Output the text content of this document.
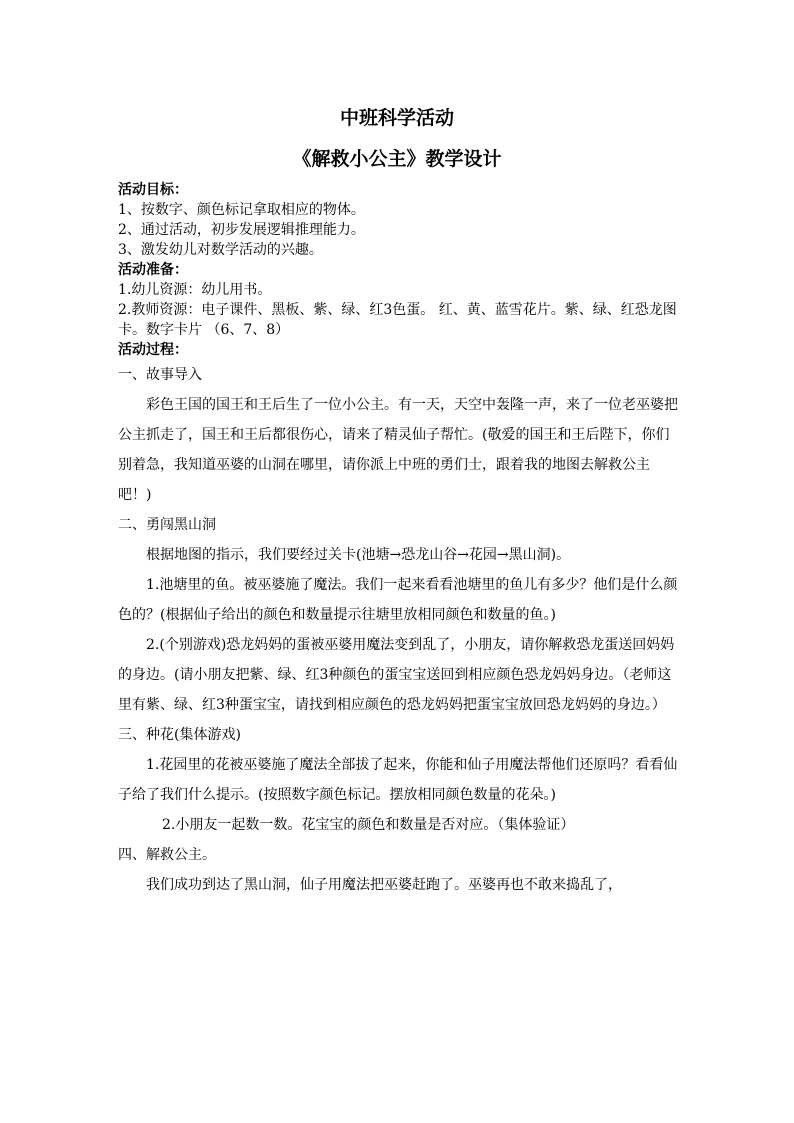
中班科学活动
《解救小公主》教学设计

活动目标：

1、按数字、颜色标记拿取相应的物体。

2、通过活动，初步发展逻辑推理能力。

3、激发幼儿对数学活动的兴趣。

活动准备：

1.幼儿资源：幼儿用书。

2.教师资源：电子课件、黑板、紫、绿、红3色蛋。 红、黄、蓝雪花片。紫、绿、红恐龙图卡。数字卡片 （6、7、8）

活动过程：

一、故事导入

彩色王国的国王和王后生了一位小公主。有一天，天空中轰隆一声，来了一位老巫婆把公主抓走了，国王和王后都很伤心，请来了精灵仙子帮忙。(敬爱的国王和王后陛下，你们别着急，我知道巫婆的山洞在哪里，请你派上中班的勇们士，跟着我的地图去解救公主吧！)

二、勇闯黑山洞

根据地图的指示，我们要经过关卡(池塘→恐龙山谷→花园→黑山洞)。

1.池塘里的鱼。被巫婆施了魔法。我们一起来看看池塘里的鱼儿有多少？他们是什么颜色的？(根据仙子给出的颜色和数量提示往塘里放相同颜色和数量的鱼。)

2.(个别游戏)恐龙妈妈的蛋被巫婆用魔法变到乱了，小朋友，请你解救恐龙蛋送回妈妈的身边。(请小朋友把紫、绿、红3种颜色的蛋宝宝送回到相应颜色恐龙妈妈身边。（老师这里有紫、绿、红3种蛋宝宝，请找到相应颜色的恐龙妈妈把蛋宝宝放回恐龙妈妈的身边。）

三、种花(集体游戏)

1.花园里的花被巫婆施了魔法全部拔了起来，你能和仙子用魔法帮他们还原吗？看看仙子给了我们什么提示。(按照数字颜色标记。摆放相同颜色数量的花朵。)

2.小朋友一起数一数。花宝宝的颜色和数量是否对应。（集体验证）

四、解救公主。

我们成功到达了黑山洞，仙子用魔法把巫婆赶跑了。巫婆再也不敢来捣乱了，
